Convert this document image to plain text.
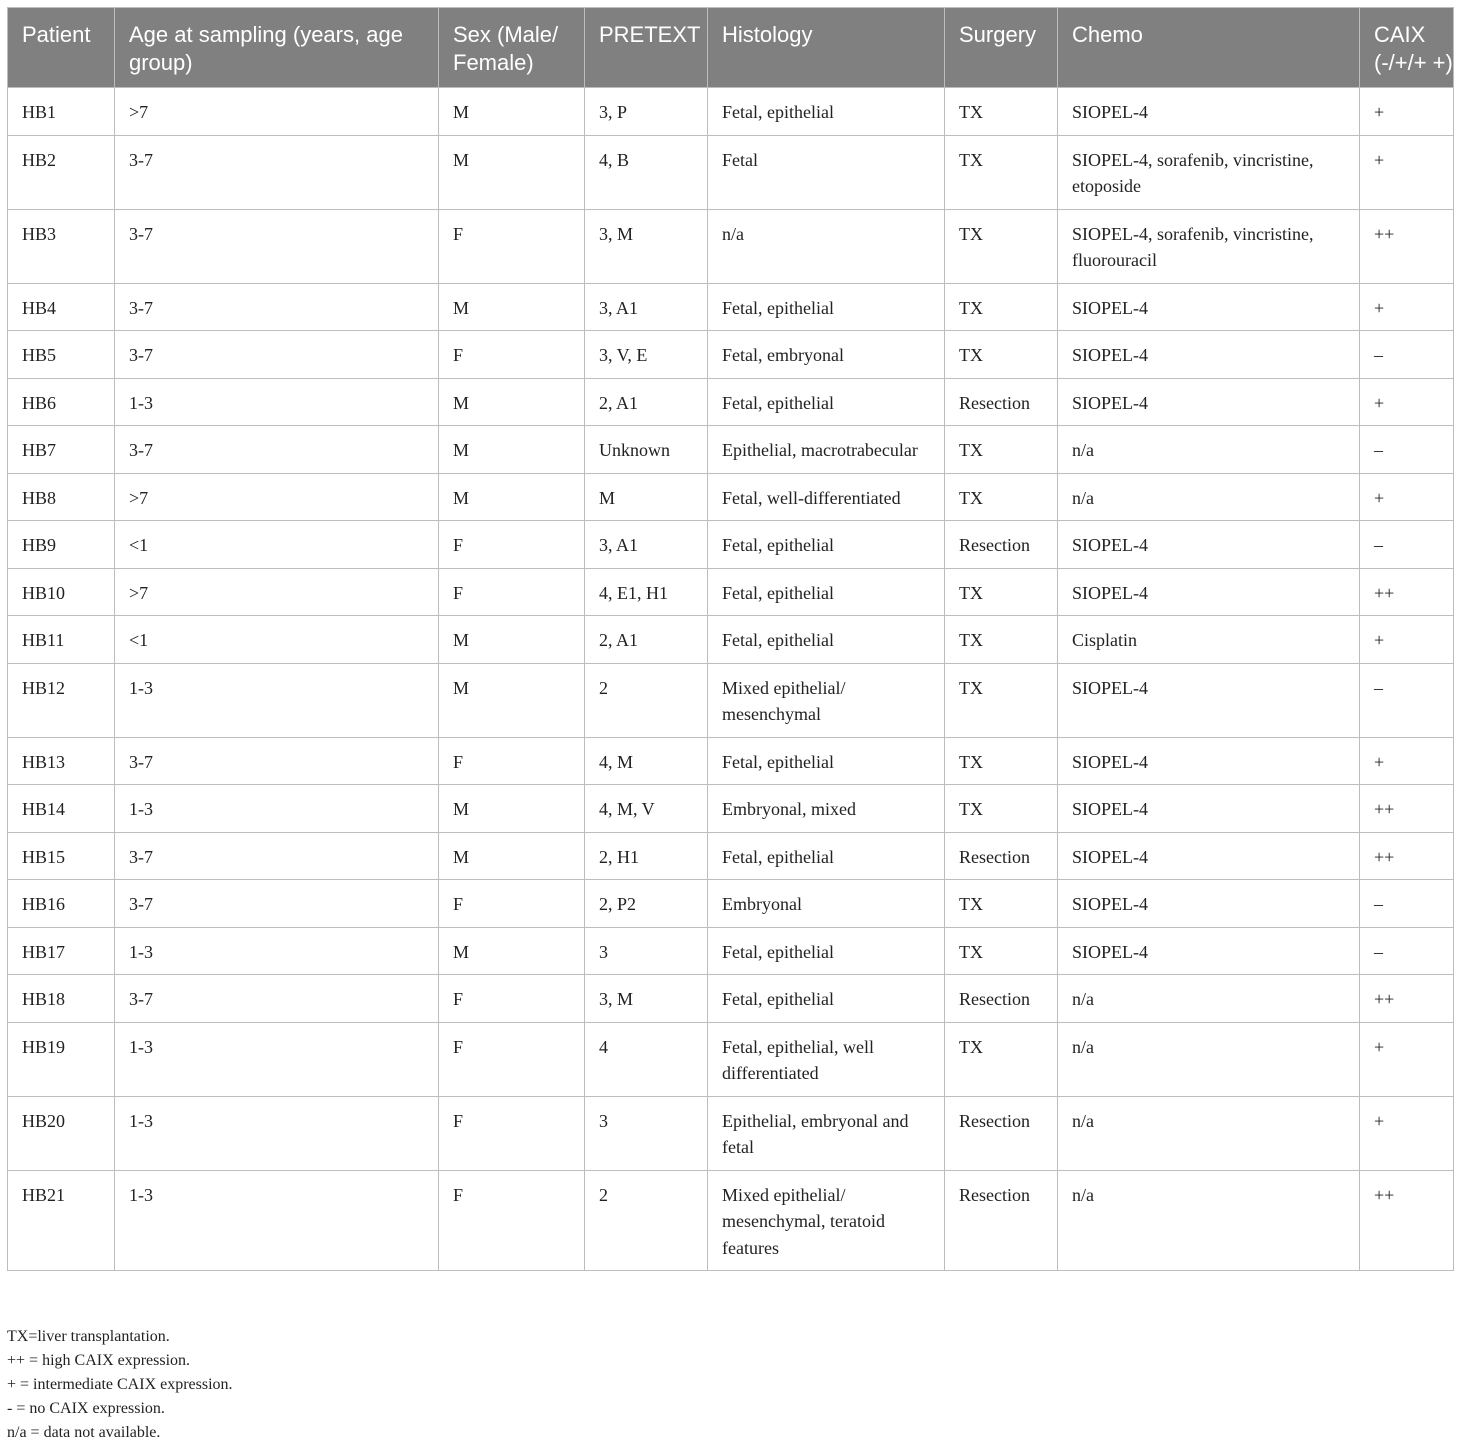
Patient	Age at sampling (years, age group)	Sex (Male/ Female)	PRETEXT	Histology	Surgery	Chemo	CAIX (-/+/+ +)
HB1	>7	M	3, P	Fetal, epithelial	TX	SIOPEL-4	+
HB2	3-7	M	4, B	Fetal	TX	SIOPEL-4, sorafenib, vincristine, etoposide	+
HB3	3-7	F	3, M	n/a	TX	SIOPEL-4, sorafenib, vincristine, fluorouracil	++
HB4	3-7	M	3, A1	Fetal, epithelial	TX	SIOPEL-4	+
HB5	3-7	F	3, V, E	Fetal, embryonal	TX	SIOPEL-4	–
HB6	1-3	M	2, A1	Fetal, epithelial	Resection	SIOPEL-4	+
HB7	3-7	M	Unknown	Epithelial, macrotrabecular	TX	n/a	–
HB8	>7	M	M	Fetal, well-differentiated	TX	n/a	+
HB9	<1	F	3, A1	Fetal, epithelial	Resection	SIOPEL-4	–
HB10	>7	F	4, E1, H1	Fetal, epithelial	TX	SIOPEL-4	++
HB11	<1	M	2, A1	Fetal, epithelial	TX	Cisplatin	+
HB12	1-3	M	2	Mixed epithelial/ mesenchymal	TX	SIOPEL-4	–
HB13	3-7	F	4, M	Fetal, epithelial	TX	SIOPEL-4	+
HB14	1-3	M	4, M, V	Embryonal, mixed	TX	SIOPEL-4	++
HB15	3-7	M	2, H1	Fetal, epithelial	Resection	SIOPEL-4	++
HB16	3-7	F	2, P2	Embryonal	TX	SIOPEL-4	–
HB17	1-3	M	3	Fetal, epithelial	TX	SIOPEL-4	–
HB18	3-7	F	3, M	Fetal, epithelial	Resection	n/a	++
HB19	1-3	F	4	Fetal, epithelial, well differentiated	TX	n/a	+
HB20	1-3	F	3	Epithelial, embryonal and fetal	Resection	n/a	+
HB21	1-3	F	2	Mixed epithelial/ mesenchymal, teratoid features	Resection	n/a	++
TX=liver transplantation.
++ = high CAIX expression.
+ = intermediate CAIX expression.
- = no CAIX expression.
n/a = data not available.
